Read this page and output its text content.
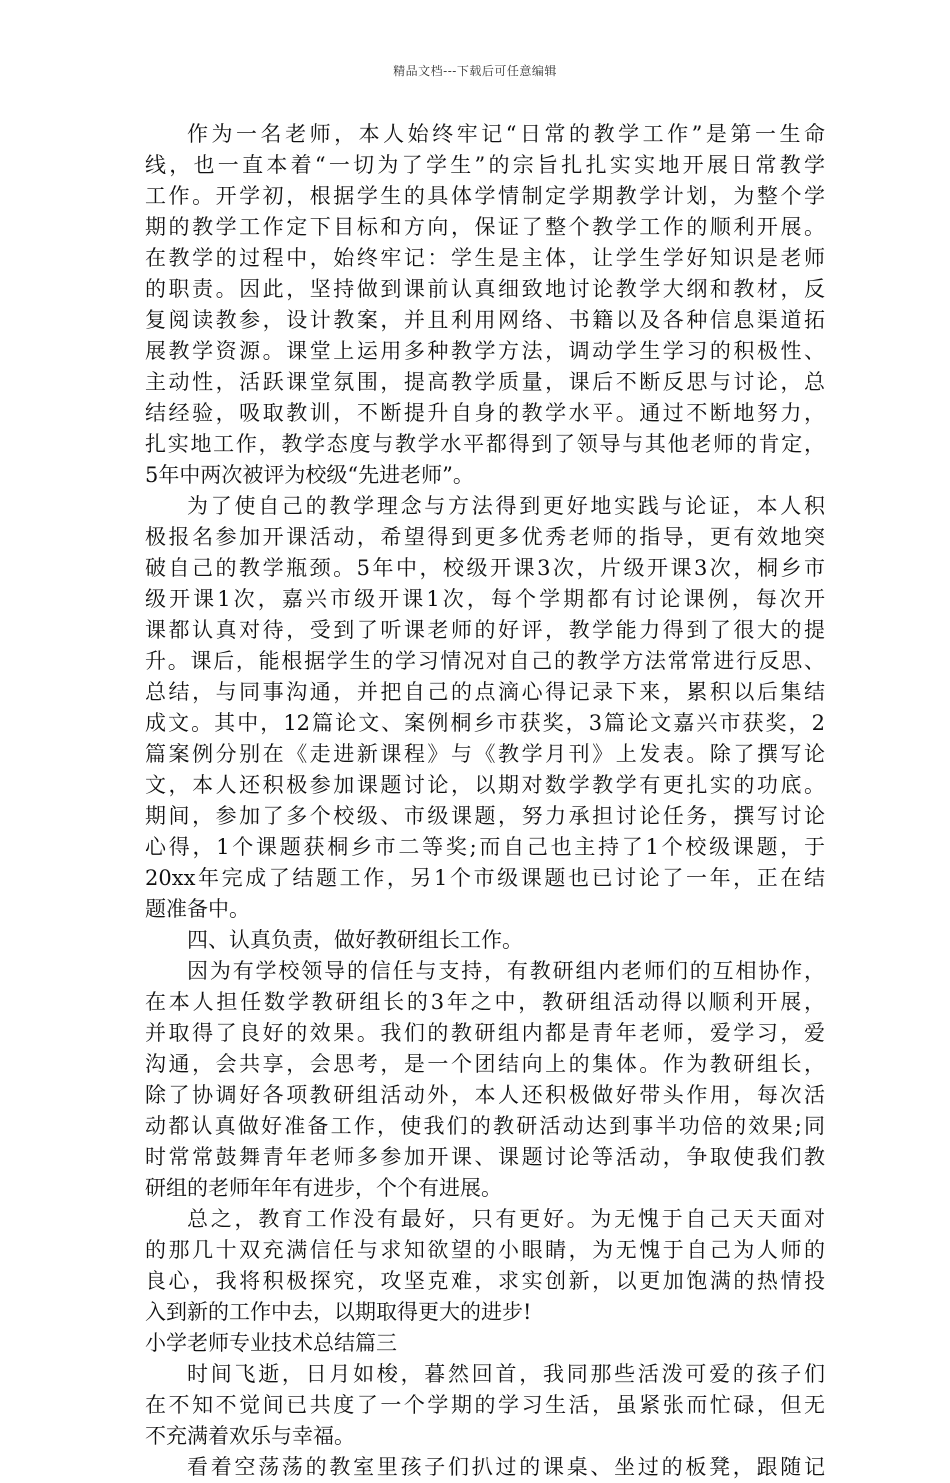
精品文档---下载后可任意编辑
作为一名老师，本人始终牢记“日常的教学工作”是第一生命
线，也一直本着“一切为了学生”的宗旨扎扎实实地开展日常教学
工作。开学初，根据学生的具体学情制定学期教学计划，为整个学
期的教学工作定下目标和方向，保证了整个教学工作的顺利开展。
在教学的过程中，始终牢记：学生是主体，让学生学好知识是老师
的职责。因此，坚持做到课前认真细致地讨论教学大纲和教材，反
复阅读教参，设计教案，并且利用网络、书籍以及各种信息渠道拓
展教学资源。课堂上运用多种教学方法，调动学生学习的积极性、
主动性，活跃课堂氛围，提高教学质量，课后不断反思与讨论，总
结经验，吸取教训，不断提升自身的教学水平。通过不断地努力，
扎实地工作，教学态度与教学水平都得到了领导与其他老师的肯定，
5年中两次被评为校级“先进老师”。
为了使自己的教学理念与方法得到更好地实践与论证，本人积
极报名参加开课活动，希望得到更多优秀老师的指导，更有效地突
破自己的教学瓶颈。5年中，校级开课3次，片级开课3次，桐乡市
级开课1次，嘉兴市级开课1次，每个学期都有讨论课例，每次开
课都认真对待，受到了听课老师的好评，教学能力得到了很大的提
升。课后，能根据学生的学习情况对自己的教学方法常常进行反思、
总结，与同事沟通，并把自己的点滴心得记录下来，累积以后集结
成文。其中，12篇论文、案例桐乡市获奖，3篇论文嘉兴市获奖，2
篇案例分别在《走进新课程》与《教学月刊》上发表。除了撰写论
文，本人还积极参加课题讨论，以期对数学教学有更扎实的功底。
期间，参加了多个校级、市级课题，努力承担讨论任务，撰写讨论
心得，1个课题获桐乡市二等奖;而自己也主持了1个校级课题，于
20xx年完成了结题工作，另1个市级课题也已讨论了一年，正在结
题准备中。
四、认真负责，做好教研组长工作。
因为有学校领导的信任与支持，有教研组内老师们的互相协作，
在本人担任数学教研组长的3年之中，教研组活动得以顺利开展，
并取得了良好的效果。我们的教研组内都是青年老师，爱学习，爱
沟通，会共享，会思考，是一个团结向上的集体。作为教研组长，
除了协调好各项教研组活动外，本人还积极做好带头作用，每次活
动都认真做好准备工作，使我们的教研活动达到事半功倍的效果;同
时常常鼓舞青年老师多参加开课、课题讨论等活动，争取使我们教
研组的老师年年有进步，个个有进展。
总之，教育工作没有最好，只有更好。为无愧于自己天天面对
的那几十双充满信任与求知欲望的小眼睛，为无愧于自己为人师的
良心，我将积极探究，攻坚克难，求实创新，以更加饱满的热情投
入到新的工作中去，以期取得更大的进步!
小学老师专业技术总结篇三
时间飞逝，日月如梭，暮然回首，我同那些活泼可爱的孩子们
在不知不觉间已共度了一个学期的学习生活，虽紧张而忙碌，但无
不充满着欢乐与幸福。
看着空荡荡的教室里孩子们扒过的课桌、坐过的板凳，跟随记
